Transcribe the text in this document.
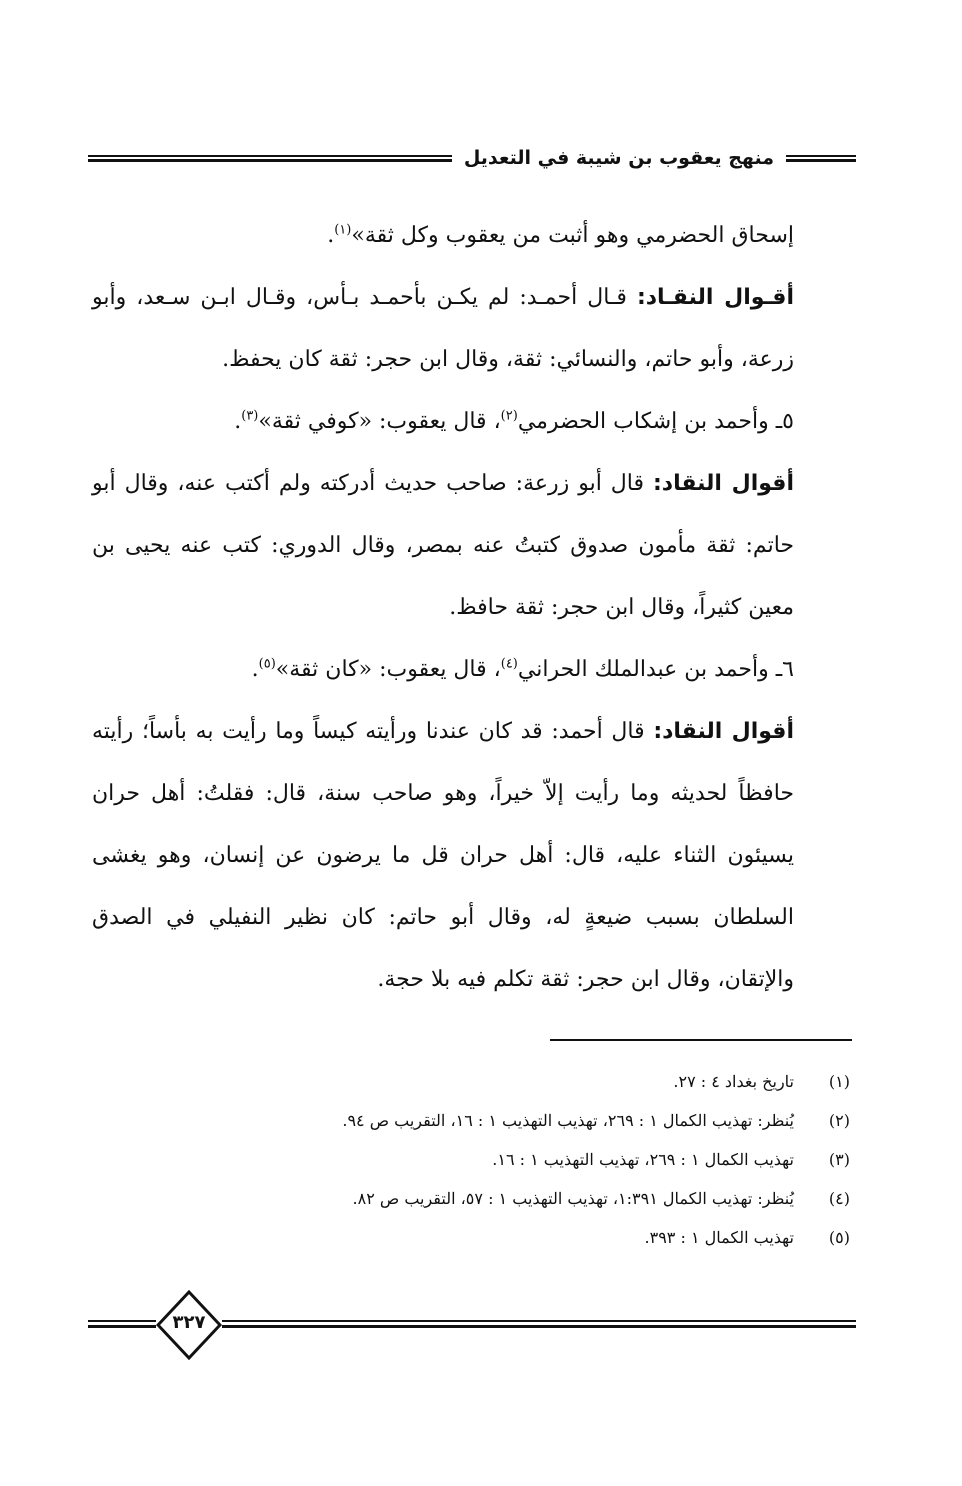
منهج يعقوب بن شيبة في التعديل

إسحاق الحضرمي وهو أثبت من يعقوب وكل ثقة»$^{(١)}$.

أقـوال النقـاد: قـال أحمـد: لم يكـن بأحمـد بـأس، وقـال ابـن سـعد، وأبو زرعة، وأبو حاتم، والنسائي: ثقة، وقال ابن حجر: ثقة كان يحفظ.

٥ـ وأحمد بن إشكاب الحضرمي$^{(٢)}$، قال يعقوب: «كوفي ثقة»$^{(٣)}$.

أقوال النقاد: قال أبو زرعة: صاحب حديث أدركته ولم أكتب عنه، وقال أبو حاتم: ثقة مأمون صدوق كتبتُ عنه بمصر، وقال الدوري: كتب عنه يحيى بن معين كثيراً، وقال ابن حجر: ثقة حافظ.

٦ـ وأحمد بن عبدالملك الحراني$^{(٤)}$، قال يعقوب: «كان ثقة»$^{(٥)}$.

أقوال النقاد: قال أحمد: قد كان عندنا ورأيته كيساً وما رأيت به بأساً؛ رأيته حافظاً لحديثه وما رأيت إلاّ خيراً، وهو صاحب سنة، قال: فقلتُ: أهل حران يسيئون الثناء عليه، قال: أهل حران قل ما يرضون عن إنسان، وهو يغشى السلطان بسبب ضيعةٍ له، وقال أبو حاتم: كان نظير النفيلي في الصدق والإتقان، وقال ابن حجر: ثقة تكلم فيه بلا حجة.

(١)
تاريخ بغداد ٤ : ٢٧.
(٢)
يُنظر: تهذيب الكمال ١ : ٢٦٩، تهذيب التهذيب ١ : ١٦، التقريب ص ٩٤.
(٣)
تهذيب الكمال ١ : ٢٦٩، تهذيب التهذيب ١ : ١٦.
(٤)
يُنظر: تهذيب الكمال ١:٣٩١، تهذيب التهذيب ١ : ٥٧، التقريب ص ٨٢.
(٥)
تهذيب الكمال ١ : ٣٩٣.
٣٢٧
